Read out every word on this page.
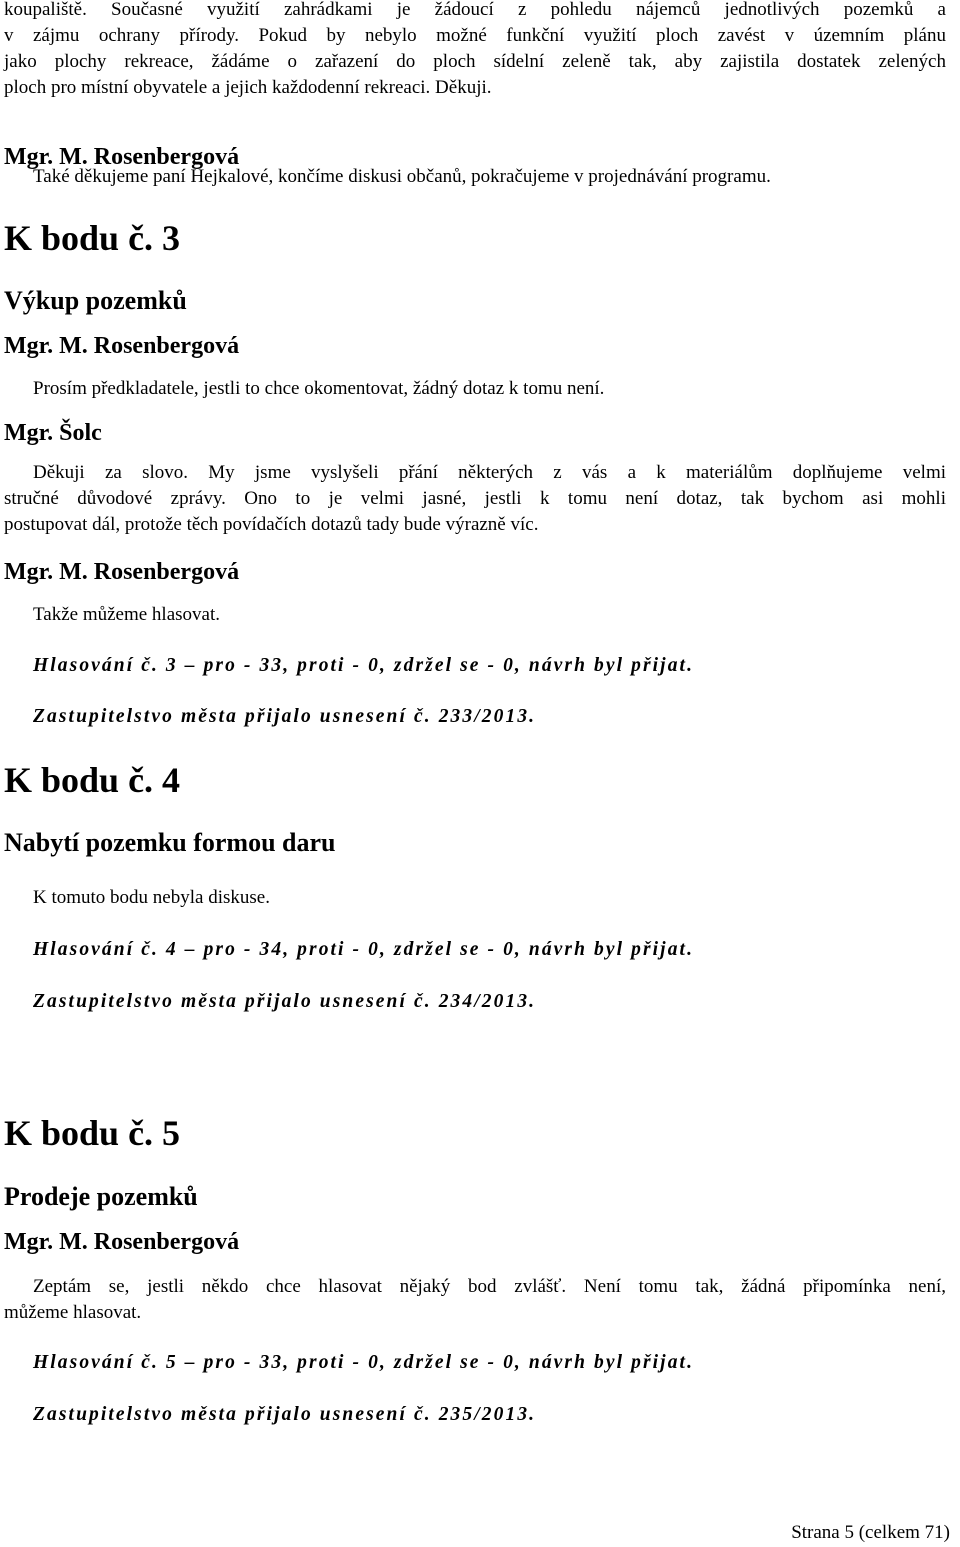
koupaliště. Současné využití zahrádkami je žádoucí z pohledu nájemců jednotlivých pozemků a
v zájmu ochrany přírody. Pokud by nebylo možné funkční využití ploch zavést v územním plánu
jako plochy rekreace, žádáme o zařazení do ploch sídelní zeleně tak, aby zajistila dostatek zelených
ploch pro místní obyvatele a jejich každodenní rekreaci. Děkuji.
Mgr. M. Rosenbergová
Také děkujeme paní Hejkalové, končíme diskusi občanů, pokračujeme v projednávání programu.
K bodu č. 3
Výkup pozemků
Mgr. M. Rosenbergová
Prosím předkladatele, jestli to chce okomentovat, žádný dotaz k tomu není.
Mgr. Šolc
Děkuji za slovo. My jsme vyslyšeli přání některých z vás a k materiálům doplňujeme velmi
stručné důvodové zprávy. Ono to je velmi jasné, jestli k tomu není dotaz, tak bychom asi mohli
postupovat dál, protože těch povídačích dotazů tady bude výrazně víc.
Mgr. M. Rosenbergová
Takže můžeme hlasovat.
Hlasování č. 3 – pro - 33, proti - 0, zdržel se - 0, návrh byl přijat.
Zastupitelstvo města přijalo usnesení č. 233/2013.
K bodu č. 4
Nabytí pozemku formou daru
K tomuto bodu nebyla diskuse.
Hlasování č. 4 – pro - 34, proti - 0, zdržel se - 0, návrh byl přijat.
Zastupitelstvo města přijalo usnesení č. 234/2013.
K bodu č. 5
Prodeje pozemků
Mgr. M. Rosenbergová
Zeptám se, jestli někdo chce hlasovat nějaký bod zvlášť. Není tomu tak, žádná připomínka není,
můžeme hlasovat.
Hlasování č. 5 – pro - 33, proti - 0, zdržel se - 0, návrh byl přijat.
Zastupitelstvo města přijalo usnesení č. 235/2013.
Strana 5 (celkem 71)
